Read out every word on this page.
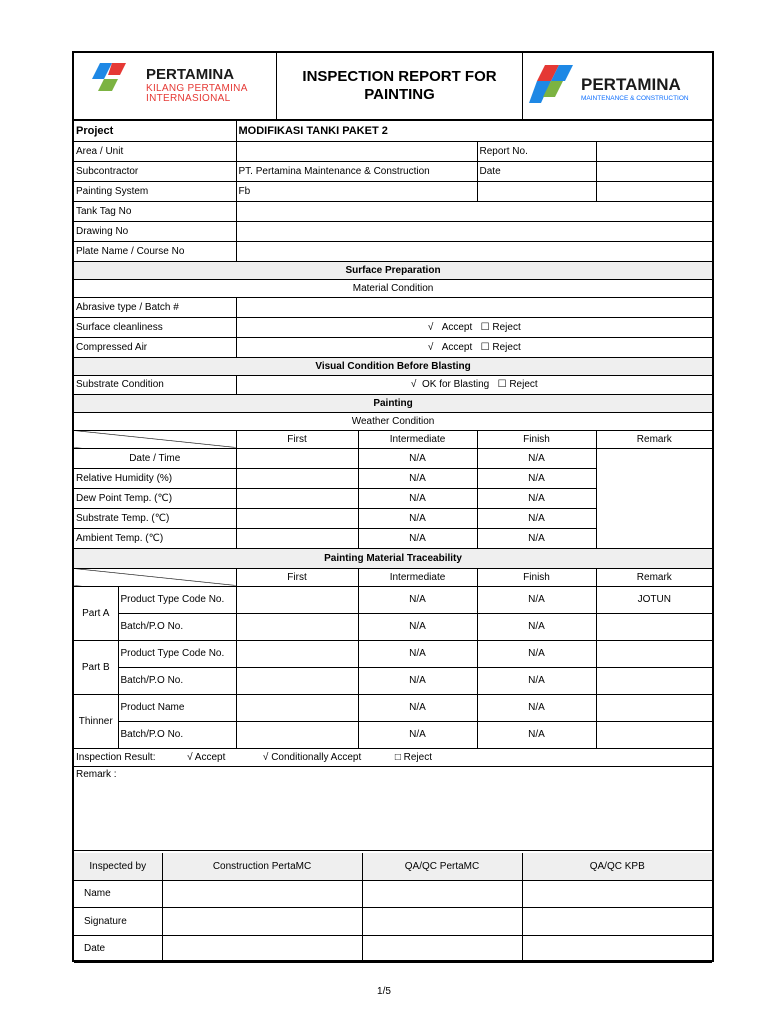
PERTAMINA
KILANG PERTAMINA
INTERNASIONAL
INSPECTION REPORT FOR
PAINTING
PERTAMINA
MAINTENANCE & CONSTRUCTION
Project		MODIFIKASI TANKI PAKET 2			
Area / Unit				Report No.	
Subcontractor		PT. Pertamina Maintenance & Construction		Date	
Painting System		Fb			
Tank Tag No					
Drawing No					
Plate Name / Course No					
Surface Preparation					
Material Condition					
Abrasive type / Batch #					
Surface cleanliness		√ Accept ☐ Reject			
Compressed Air		√ Accept ☐ Reject			
Visual Condition Before Blasting					
Substrate Condition		√ OK for Blasting ☐ Reject			
Painting					
Weather Condition					
		First	Intermediate	Finish	Remark
Date / Time			N/A	N/A	
Relative Humidity (%)			N/A	N/A	
Dew Point Temp. (℃)			N/A	N/A	
Substrate Temp. (℃)			N/A	N/A	
Ambient Temp. (℃)			N/A	N/A	
Painting Material Traceability					
		First	Intermediate	Finish	Remark
Part A	Product Type Code No.		N/A	N/A	JOTUN
	Batch/P.O No.		N/A	N/A	
Part B	Product Type Code No.		N/A	N/A	
	Batch/P.O No.		N/A	N/A	
Thinner	Product Name		N/A	N/A	
	Batch/P.O No.		N/A	N/A	
Inspection Result: √ Accept √ Conditionally Accept □ Reject					
Remark :					
Inspected by	Construction PertaMC	QA/QC PertaMC	QA/QC KPB
Name			
Signature			
Date			
1/5
